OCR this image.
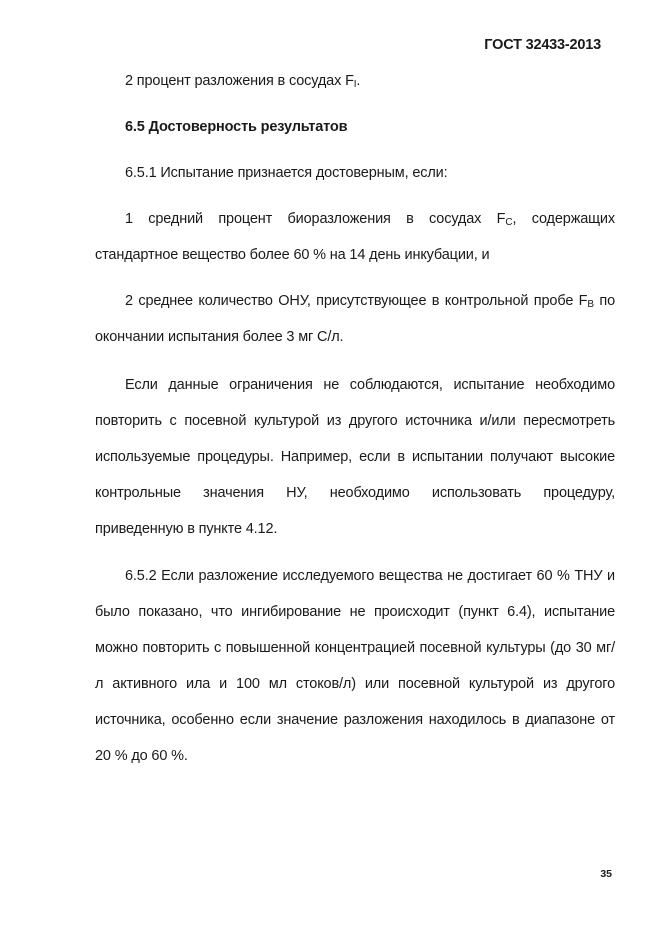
ГОСТ 32433-2013

2 процент разложения в сосудах $F_I$.

6.5 Достоверность результатов

6.5.1 Испытание признается достоверным, если:

1 средний процент биоразложения в сосудах $F_C$, содержащих стандартное вещество более 60 % на 14 день инкубации, и

2 среднее количество ОНУ, присутствующее в контрольной пробе $F_B$ по окончании испытания более 3 мг С/л.

Если данные ограничения не соблюдаются, испытание необходимо повторить с посевной культурой из другого источника и/или пересмотреть используемые процедуры. Например, если в испытании получают высокие контрольные значения НУ, необходимо использовать процедуру, приведенную в пункте 4.12.

6.5.2 Если разложение исследуемого вещества не достигает 60 % ТНУ и было показано, что ингибирование не происходит (пункт 6.4), испытание можно повторить с повышенной концентрацией посевной культуры (до 30 мг/л активного ила и 100 мл стоков/л) или посевной культурой из другого источника, особенно если значение разложения находилось в диапазоне от 20 % до 60 %.

35
